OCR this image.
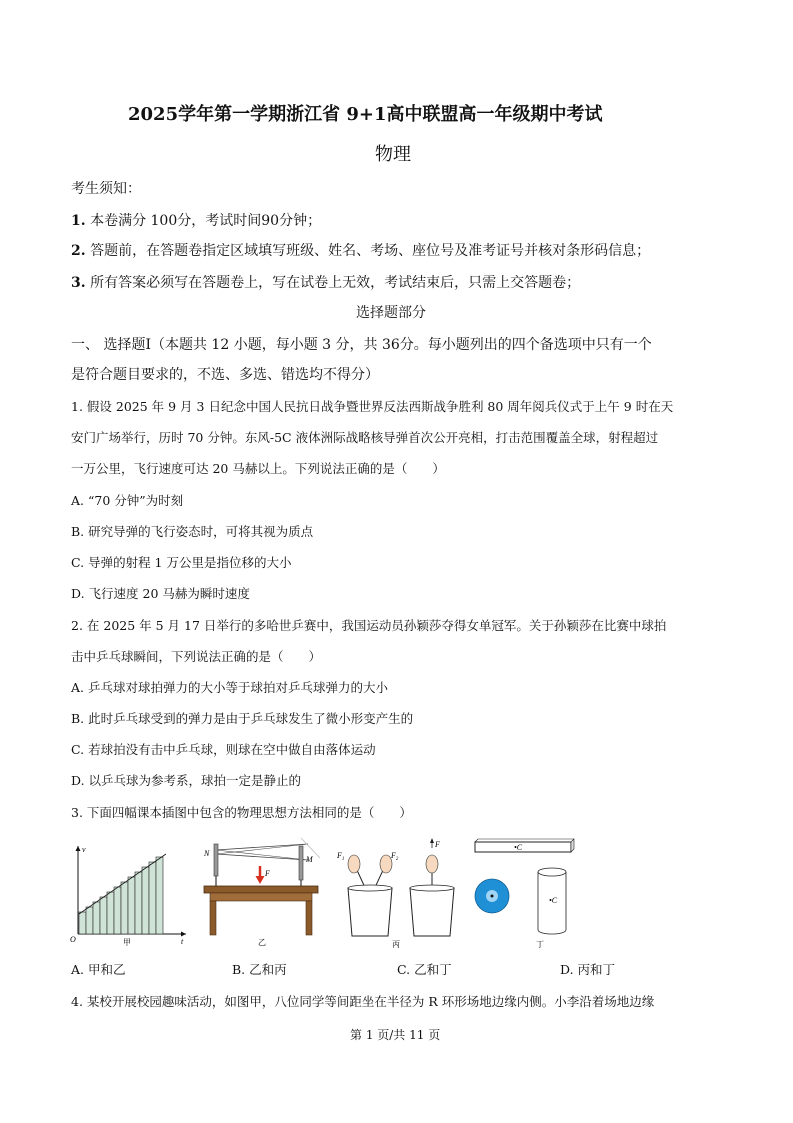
2025学年第一学期浙江省 9+1高中联盟高一年级期中考试
物理
考生须知：
1. 本卷满分 100分，考试时间90分钟；
2. 答题前，在答题卷指定区域填写班级、姓名、考场、座位号及准考证号并核对条形码信息；
3. 所有答案必须写在答题卷上，写在试卷上无效，考试结束后，只需上交答题卷；
选择题部分
一、 选择题Ⅰ（本题共 12 小题，每小题 3 分，共 36分。每小题列出的四个备选项中只有一个
是符合题目要求的，不选、多选、错选均不得分）
1. 假设 2025 年 9 月 3 日纪念中国人民抗日战争暨世界反法西斯战争胜利 80 周年阅兵仪式于上午 9 时在天
安门广场举行，历时 70 分钟。东风-5C 液体洲际战略核导弹首次公开亮相，打击范围覆盖全球，射程超过
一万公里，飞行速度可达 20 马赫以上。下列说法正确的是（　　）
A. “70 分钟”为时刻
B. 研究导弹的飞行姿态时，可将其视为质点
C. 导弹的射程 1 万公里是指位移的大小
D. 飞行速度 20 马赫为瞬时速度
2. 在 2025 年 5 月 17 日举行的多哈世乒赛中，我国运动员孙颖莎夺得女单冠军。关于孙颖莎在比赛中球拍
击中乒乓球瞬间，下列说法正确的是（　　）
A. 乒乓球对球拍弹力的大小等于球拍对乒乓球弹力的大小
B. 此时乒乓球受到的弹力是由于乒乓球发生了微小形变产生的
C. 若球拍没有击中乒乓球，则球在空中做自由落体运动
D. 以乒乓球为参考系，球拍一定是静止的
3. 下面四幅课本插图中包含的物理思想方法相同的是（　　）
v
t
O	甲
N
M
F
乙
$F_1$	$F_2$
F
丙
•C
•C
丁
A. 甲和乙	B. 乙和丙	C. 乙和丁	D. 丙和丁
4. 某校开展校园趣味活动，如图甲，八位同学等间距坐在半径为 R 环形场地边缘内侧。小李沿着场地边缘
第 1 页/共 11 页
